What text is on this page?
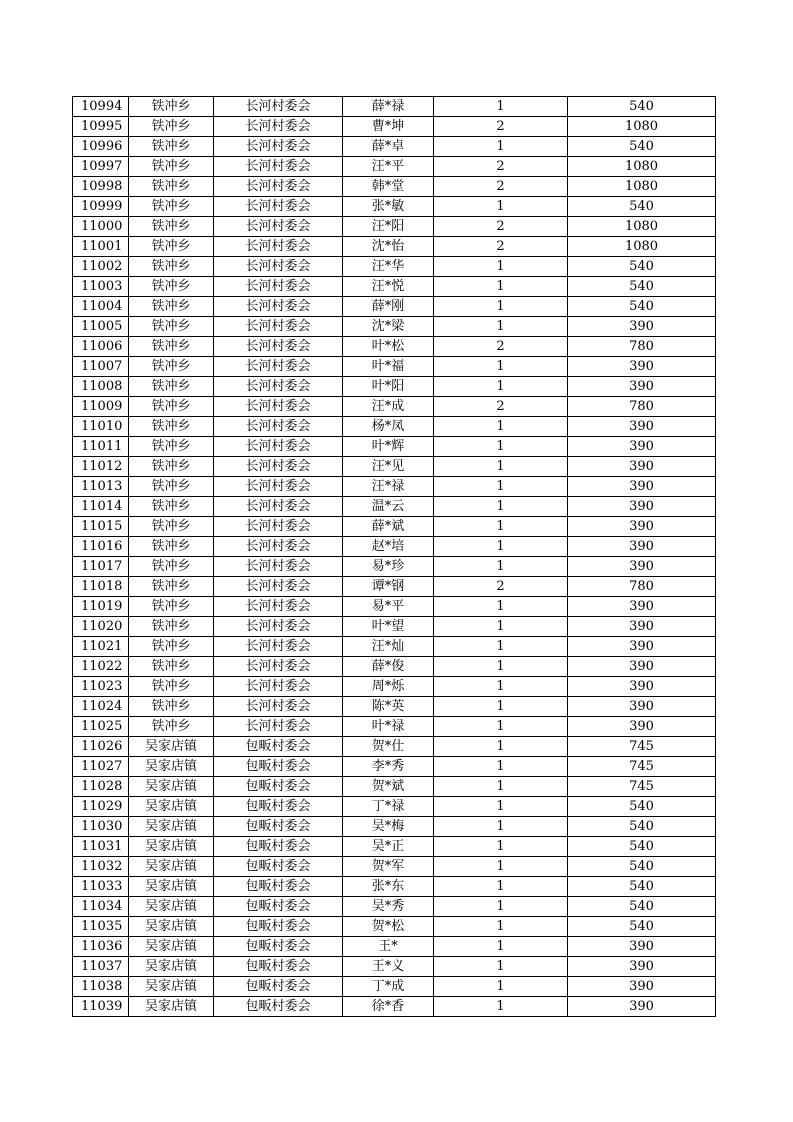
10994	铁冲乡	长河村委会	薛*禄	1	540
10995	铁冲乡	长河村委会	曹*坤	2	1080
10996	铁冲乡	长河村委会	薛*卓	1	540
10997	铁冲乡	长河村委会	汪*平	2	1080
10998	铁冲乡	长河村委会	韩*堂	2	1080
10999	铁冲乡	长河村委会	张*敏	1	540
11000	铁冲乡	长河村委会	汪*阳	2	1080
11001	铁冲乡	长河村委会	沈*怡	2	1080
11002	铁冲乡	长河村委会	汪*华	1	540
11003	铁冲乡	长河村委会	汪*悦	1	540
11004	铁冲乡	长河村委会	薛*刚	1	540
11005	铁冲乡	长河村委会	沈*梁	1	390
11006	铁冲乡	长河村委会	叶*松	2	780
11007	铁冲乡	长河村委会	叶*福	1	390
11008	铁冲乡	长河村委会	叶*阳	1	390
11009	铁冲乡	长河村委会	汪*成	2	780
11010	铁冲乡	长河村委会	杨*凤	1	390
11011	铁冲乡	长河村委会	叶*辉	1	390
11012	铁冲乡	长河村委会	汪*见	1	390
11013	铁冲乡	长河村委会	汪*禄	1	390
11014	铁冲乡	长河村委会	温*云	1	390
11015	铁冲乡	长河村委会	薛*斌	1	390
11016	铁冲乡	长河村委会	赵*培	1	390
11017	铁冲乡	长河村委会	易*珍	1	390
11018	铁冲乡	长河村委会	谭*钢	2	780
11019	铁冲乡	长河村委会	易*平	1	390
11020	铁冲乡	长河村委会	叶*望	1	390
11021	铁冲乡	长河村委会	汪*灿	1	390
11022	铁冲乡	长河村委会	薛*俊	1	390
11023	铁冲乡	长河村委会	周*烁	1	390
11024	铁冲乡	长河村委会	陈*英	1	390
11025	铁冲乡	长河村委会	叶*禄	1	390
11026	吴家店镇	包畈村委会	贺*仕	1	745
11027	吴家店镇	包畈村委会	李*秀	1	745
11028	吴家店镇	包畈村委会	贺*斌	1	745
11029	吴家店镇	包畈村委会	丁*禄	1	540
11030	吴家店镇	包畈村委会	吴*梅	1	540
11031	吴家店镇	包畈村委会	吴*正	1	540
11032	吴家店镇	包畈村委会	贺*军	1	540
11033	吴家店镇	包畈村委会	张*东	1	540
11034	吴家店镇	包畈村委会	吴*秀	1	540
11035	吴家店镇	包畈村委会	贺*松	1	540
11036	吴家店镇	包畈村委会	王*	1	390
11037	吴家店镇	包畈村委会	王*义	1	390
11038	吴家店镇	包畈村委会	丁*成	1	390
11039	吴家店镇	包畈村委会	徐*香	1	390
